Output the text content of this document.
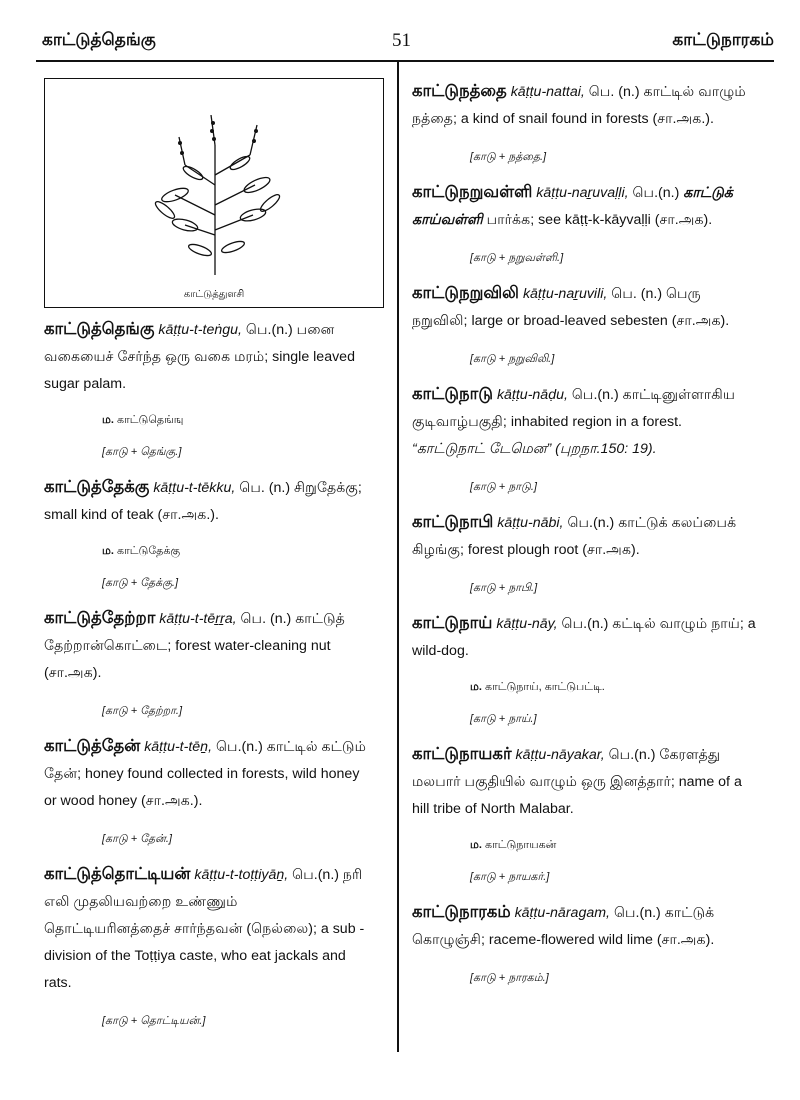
காட்டுத்தெங்கு	51	காட்டுநாரகம்
காட்டுத்துளசி

காட்டுத்தெங்கு kāṭṭu-t-teṅgu, பெ.(n.) பனை வகையைச் சேர்ந்த ஒரு வகை மரம்; single leaved sugar palam.

ம. காட்டுதெங்ஙு
[காடு + தெங்கு.]

காட்டுத்தேக்கு kāṭṭu-t-tēkku, பெ. (n.) சிறுதேக்கு; small kind of teak (சா.அக.).

ம. காட்டுதேக்கு
[காடு + தேக்கு.]

காட்டுத்தேற்றா kāṭṭu-t-tēṟṟa, பெ. (n.) காட்டுத் தேற்றான்கொட்டை; forest water-cleaning nut (சா.அக).

[காடு + தேற்றா.]

காட்டுத்தேன் kāṭṭu-t-tēṉ, பெ.(n.) காட்டில் கட்டும் தேன்; honey found collected in forests, wild honey or wood honey (சா.அக.).

[காடு + தேன்.]

காட்டுத்தொட்டியன் kāṭṭu-t-toṭṭiyāṉ, பெ.(n.) நரி எலி முதலியவற்றை உண்ணும் தொட்டியரினத்தைச் சார்ந்தவன் (நெல்லை); a sub - division of the Toṭṭiya caste, who eat jackals and rats.

[காடு + தொட்டியன்.]

காட்டுநத்தை kāṭṭu-nattai, பெ. (n.) காட்டில் வாழும் நத்தை; a kind of snail found in forests (சா.அக.).

[காடு + நத்தை.]

காட்டுநறுவள்ளி kāṭṭu-naṟuvaḷḷi, பெ.(n.) காட்டுக் காய்வள்ளி பார்க்க; see kāṭṭ-k-kāyvaḷḷi (சா.அக).

[காடு + நறுவள்ளி.]

காட்டுநறுவிலி kāṭṭu-naṟuvili, பெ. (n.) பெரு நறுவிலி; large or broad-leaved sebesten (சா.அக).

[காடு + நறுவிலி.]

காட்டுநாடு kāṭṭu-nāḍu, பெ.(n.) காட்டினுள்ளாகிய குடிவாழ்பகுதி; inhabited region in a forest. “காட்டுநாட் டேமென” (புறநா.150: 19).

[காடு + நாடு.]

காட்டுநாபி kāṭṭu-nābi, பெ.(n.) காட்டுக் கலப்பைக் கிழங்கு; forest plough root (சா.அக).

[காடு + நாபி.]

காட்டுநாய் kāṭṭu-nāy, பெ.(n.) கட்டில் வாழும் நாய்; a wild-dog.

ம. காட்டுநாய், காட்டுபட்டி.
[காடு + நாய்.]

காட்டுநாயகர் kāṭṭu-nāyakar, பெ.(n.) கேரளத்து மலபார் பகுதியில் வாழும் ஒரு இனத்தார்; name of a hill tribe of North Malabar.

ம. காட்டுநாயகன்
[காடு + நாயகர்.]

காட்டுநாரகம் kāṭṭu-nāragam, பெ.(n.) காட்டுக் கொழுஞ்சி; raceme-flowered wild lime (சா.அக).

[காடு + நாரகம்.]
